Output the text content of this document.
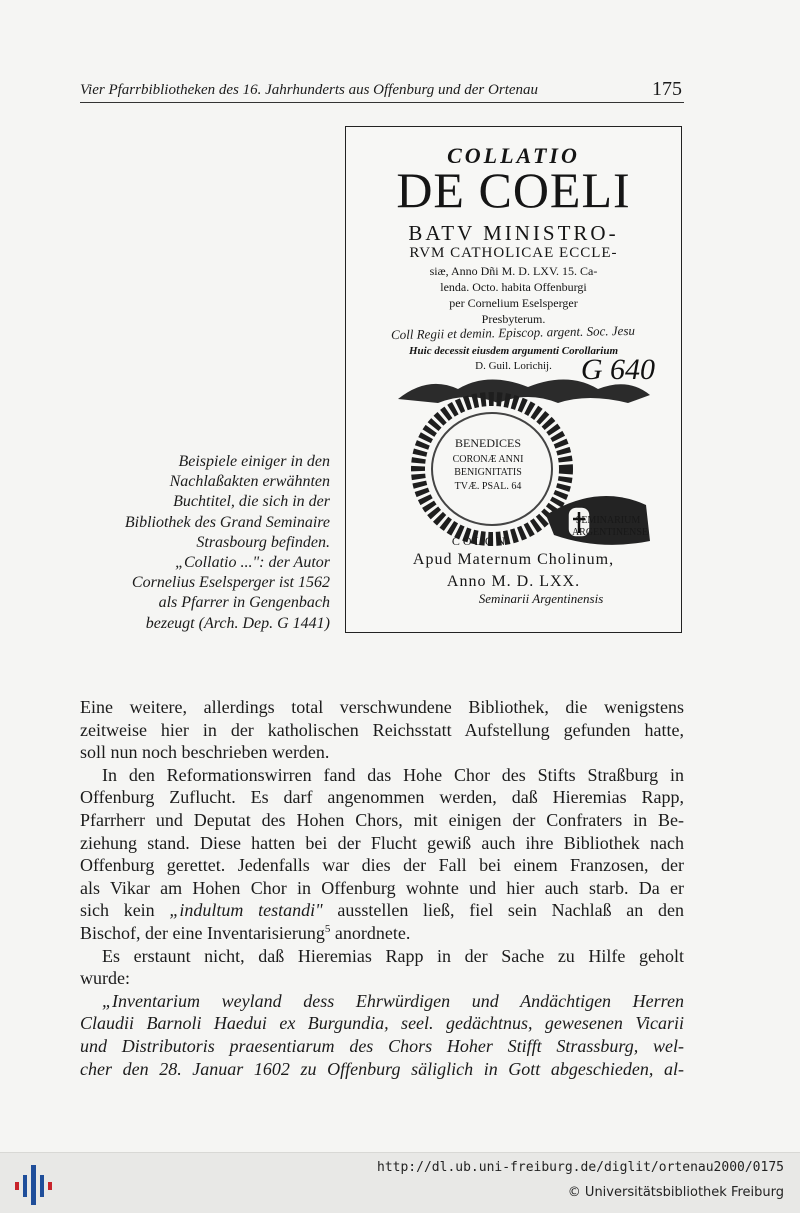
Vier Pfarrbibliotheken des 16. Jahrhunderts aus Offenburg und der Ortenau	175
COLLATIO
DE COELI
BATV MINISTRO-
RVM CATHOLICAE ECCLE-
siæ, Anno Dñi M. D. LXV. 15. Ca-
lenda. Octo. habita Offenburgi
per Cornelium Eselsperger
Presbyterum.
Coll Regii et demin. Episcop. argent. Soc. Jesu
Huic decessit eiusdem argumenti Corollarium
D. Guil. Lorichij. G 640
BENEDICES
CORONÆ ANNI
BENIGNITATIS
TVÆ. PSAL. 64
SEMINARIUM
ARGENTINENSE
COLON
Apud Maternum Cholinum,
Anno M. D. LXX.
Seminarii Argentinensis
Beispiele einiger in den
Nachlaßakten erwähnten
Buchtitel, die sich in der
Bibliothek des Grand Seminaire
Strasbourg befinden.
„Collatio ...": der Autor
Cornelius Eselsperger ist 1562
als Pfarrer in Gengenbach
bezeugt (Arch. Dep. G 1441)
Eine weitere, allerdings total verschwundene Bibliothek, die wenigstens
zeitweise hier in der katholischen Reichsstatt Aufstellung gefunden hatte,
soll nun noch beschrieben werden.
In den Reformationswirren fand das Hohe Chor des Stifts Straßburg in
Offenburg Zuflucht. Es darf angenommen werden, daß Hieremias Rapp,
Pfarrherr und Deputat des Hohen Chors, mit einigen der Confraters in Be-
ziehung stand. Diese hatten bei der Flucht gewiß auch ihre Bibliothek nach
Offenburg gerettet. Jedenfalls war dies der Fall bei einem Franzosen, der
als Vikar am Hohen Chor in Offenburg wohnte und hier auch starb. Da er
sich kein „indultum testandi" ausstellen ließ, fiel sein Nachlaß an den
Bischof, der eine Inventarisierung$^5$ anordnete.
Es erstaunt nicht, daß Hieremias Rapp in der Sache zu Hilfe geholt
wurde:
„Inventarium weyland dess Ehrwürdigen und Andächtigen Herren
Claudii Barnoli Haedui ex Burgundia, seel. gedächtnus, gewesenen Vicarii
und Distributoris praesentiarum des Chors Hoher Stifft Strassburg, wel-
cher den 28. Januar 1602 zu Offenburg säliglich in Gott abgeschieden, al-
http://dl.ub.uni-freiburg.de/diglit/ortenau2000/0175
© Universitätsbibliothek Freiburg
